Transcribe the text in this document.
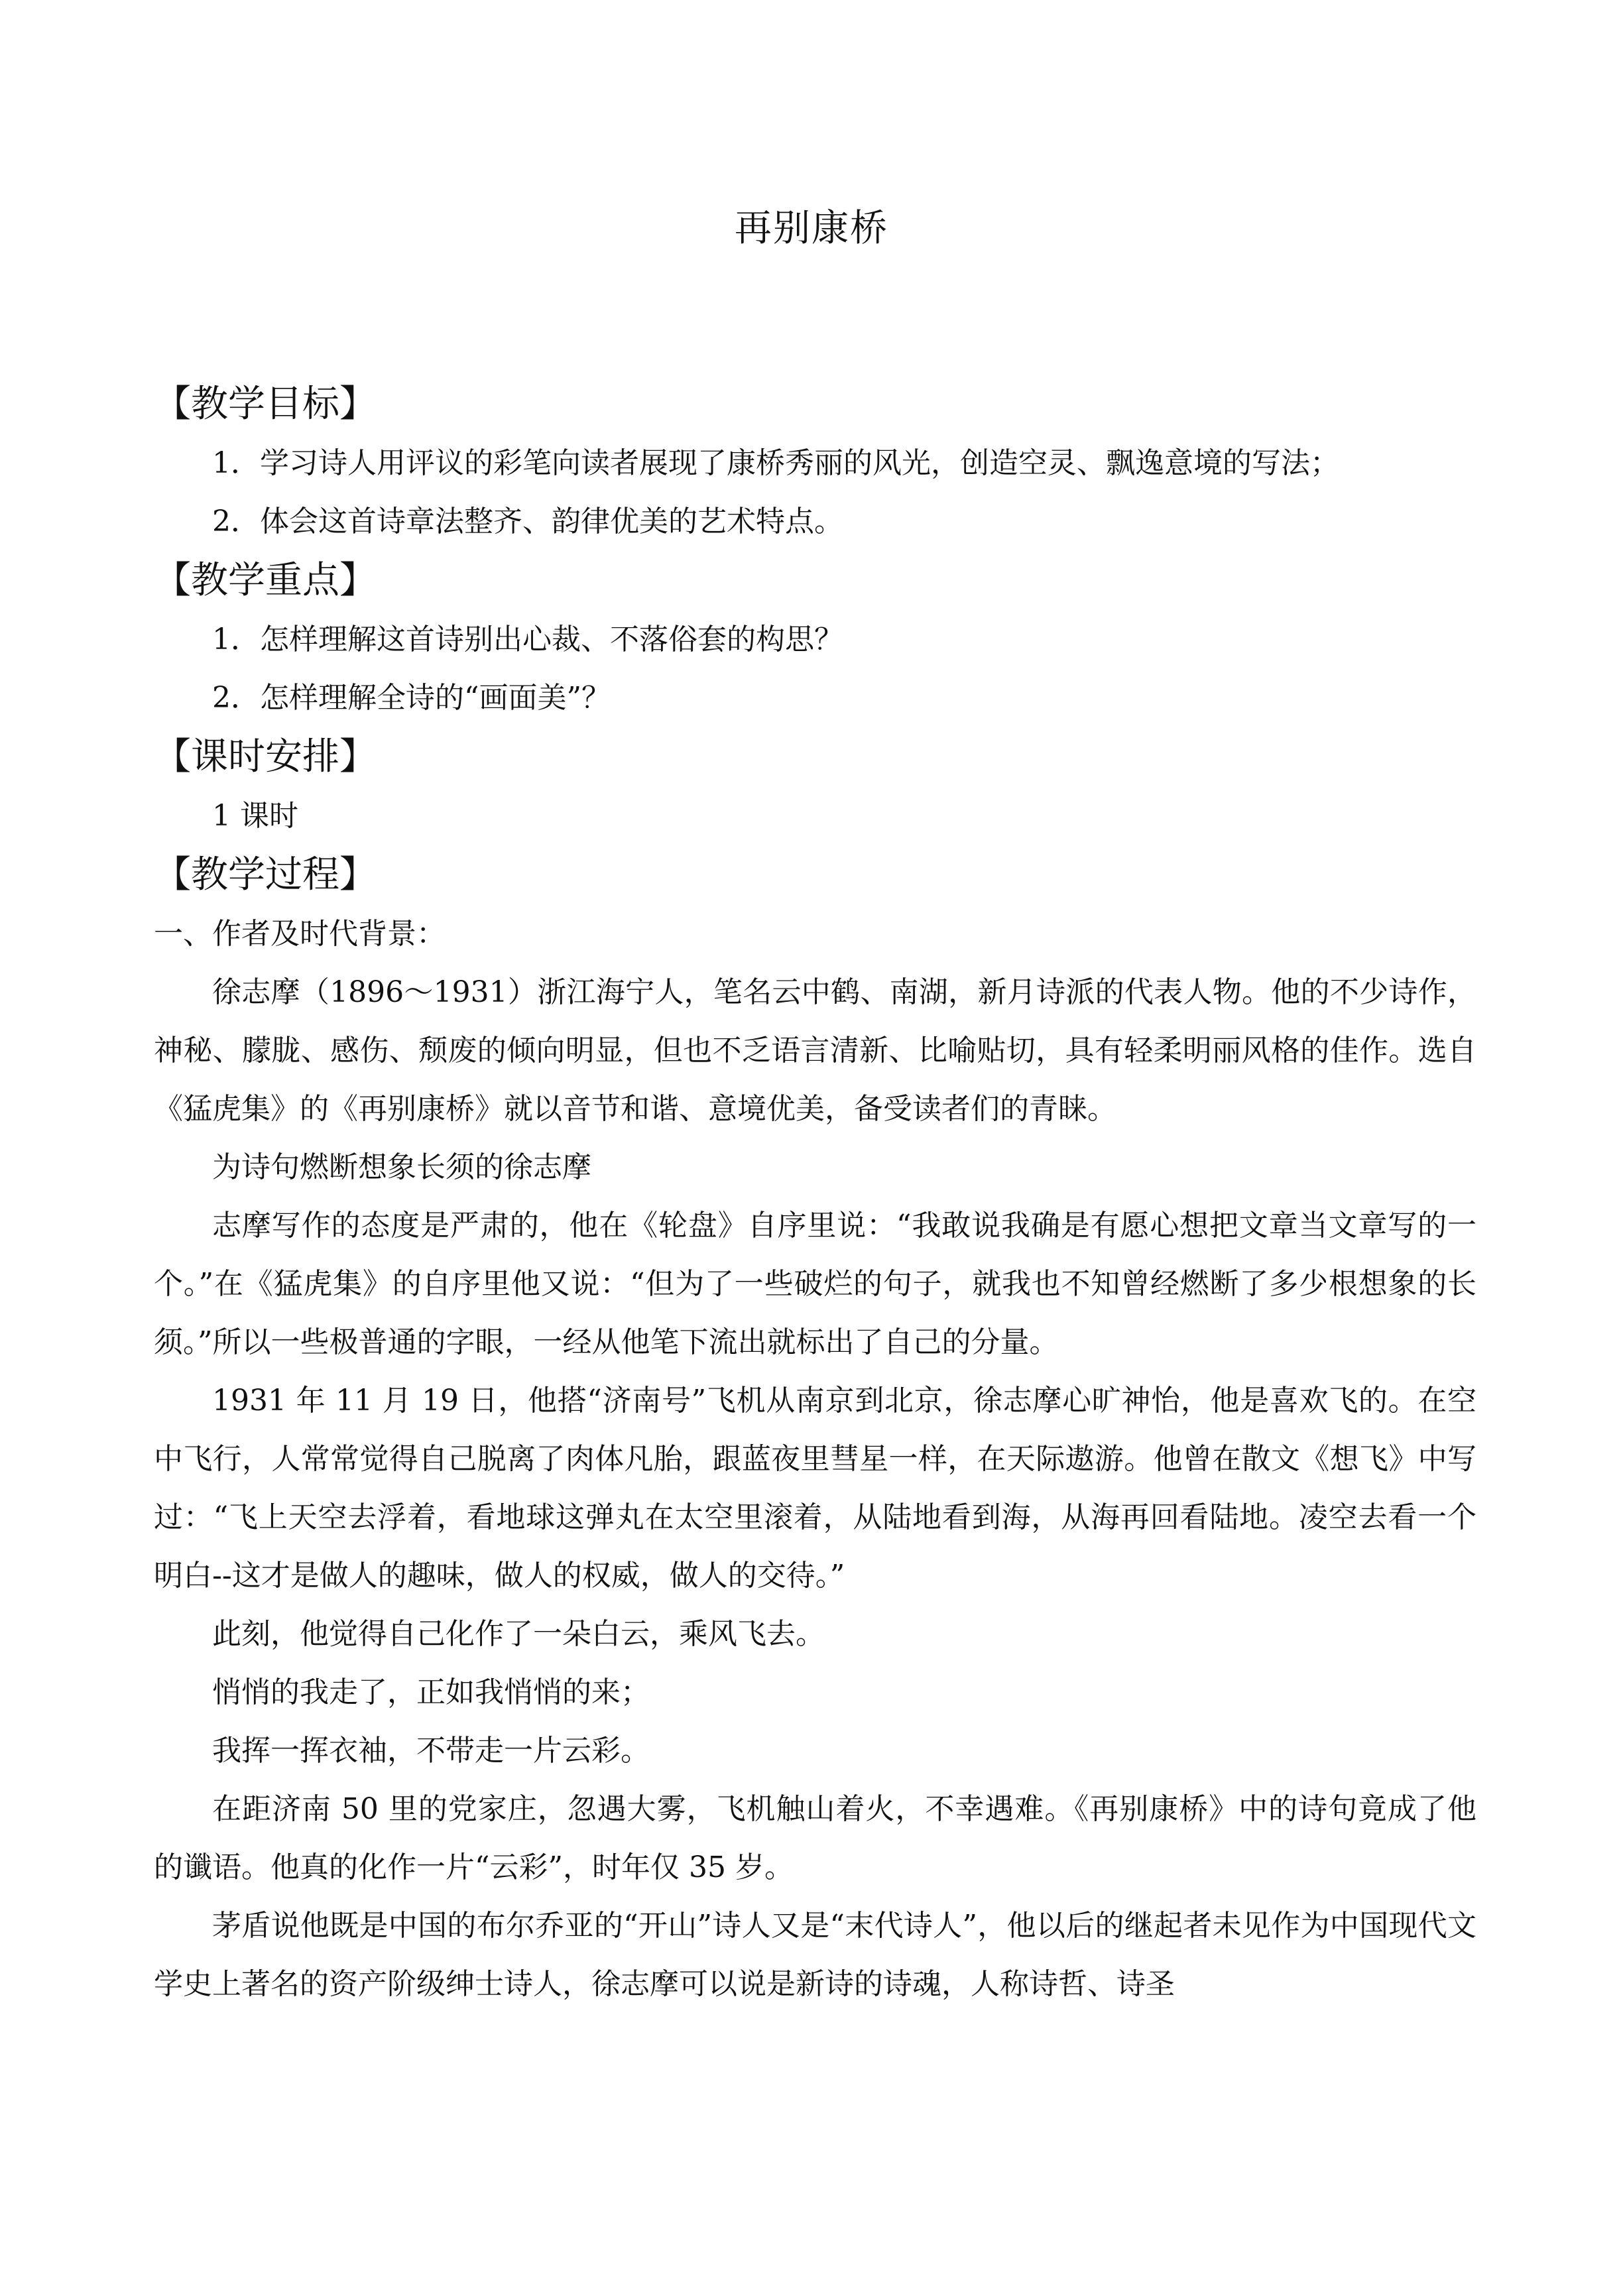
再别康桥
【教学目标】
1．学习诗人用评议的彩笔向读者展现了康桥秀丽的风光，创造空灵、飘逸意境的写法；
2．体会这首诗章法整齐、韵律优美的艺术特点。
【教学重点】
1．怎样理解这首诗别出心裁、不落俗套的构思？
2．怎样理解全诗的“画面美”？
【课时安排】
1 课时
【教学过程】
一、作者及时代背景：

徐志摩（1896～1931）浙江海宁人，笔名云中鹤、南湖，新月诗派的代表人物。他的不少诗作，神秘、朦胧、感伤、颓废的倾向明显，但也不乏语言清新、比喻贴切，具有轻柔明丽风格的佳作。选自《猛虎集》的《再别康桥》就以音节和谐、意境优美，备受读者们的青睐。

为诗句燃断想象长须的徐志摩

志摩写作的态度是严肃的，他在《轮盘》自序里说：“我敢说我确是有愿心想把文章当文章写的一个。”在《猛虎集》的自序里他又说：“但为了一些破烂的句子，就我也不知曾经燃断了多少根想象的长须。”所以一些极普通的字眼，一经从他笔下流出就标出了自己的分量。

1931 年 11 月 19 日，他搭“济南号”飞机从南京到北京，徐志摩心旷神怡，他是喜欢飞的。在空中飞行，人常常觉得自己脱离了肉体凡胎，跟蓝夜里彗星一样，在天际遨游。他曾在散文《想飞》中写过：“飞上天空去浮着，看地球这弹丸在太空里滚着，从陆地看到海，从海再回看陆地。凌空去看一个明白--这才是做人的趣味，做人的权威，做人的交待。”

此刻，他觉得自己化作了一朵白云，乘风飞去。

悄悄的我走了，正如我悄悄的来；

我挥一挥衣袖，不带走一片云彩。

在距济南 50 里的党家庄，忽遇大雾，飞机触山着火，不幸遇难。《再别康桥》中的诗句竟成了他的谶语。他真的化作一片“云彩”，时年仅 35 岁。

茅盾说他既是中国的布尔乔亚的“开山”诗人又是“末代诗人”，他以后的继起者未见作为中国现代文学史上著名的资产阶级绅士诗人，徐志摩可以说是新诗的诗魂，人称诗哲、诗圣
